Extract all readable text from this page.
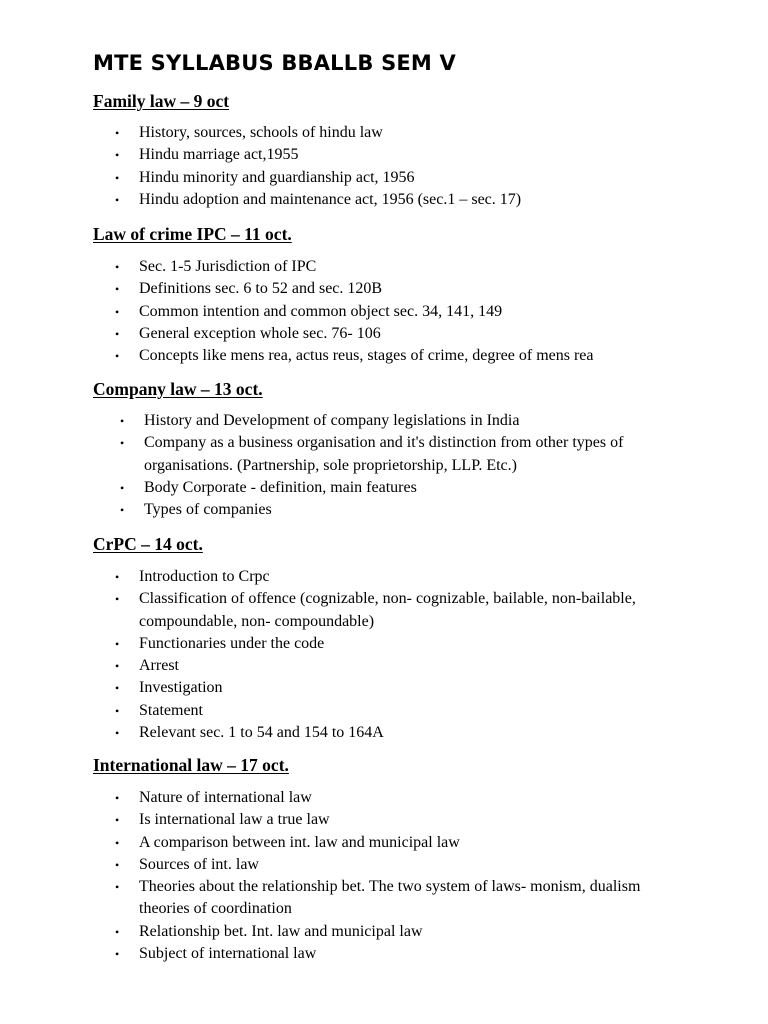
MTE SYLLABUS BBALLB SEM V
Family law – 9 oct
• History, sources, schools of hindu law
• Hindu marriage act,1955
• Hindu minority and guardianship act, 1956
• Hindu adoption and maintenance act, 1956 (sec.1 – sec. 17)
Law of crime IPC – 11 oct.
• Sec. 1-5 Jurisdiction of IPC
• Definitions sec. 6 to 52 and sec. 120B
• Common intention and common object sec. 34, 141, 149
• General exception whole sec. 76- 106
• Concepts like mens rea, actus reus, stages of crime, degree of mens rea
Company law – 13 oct.
• History and Development of company legislations in India
• Company as a business organisation and it's distinction from other types of organisations. (Partnership, sole proprietorship, LLP. Etc.)
• Body Corporate - definition, main features
• Types of companies
CrPC – 14 oct.
• Introduction to Crpc
• Classification of offence (cognizable, non- cognizable, bailable, non-bailable, compoundable, non- compoundable)
• Functionaries under the code
• Arrest
• Investigation
• Statement
• Relevant sec. 1 to 54 and 154 to 164A
International law – 17 oct.
• Nature of international law
• Is international law a true law
• A comparison between int. law and municipal law
• Sources of int. law
• Theories about the relationship bet. The two system of laws- monism, dualism theories of coordination
• Relationship bet. Int. law and municipal law
• Subject of international law
